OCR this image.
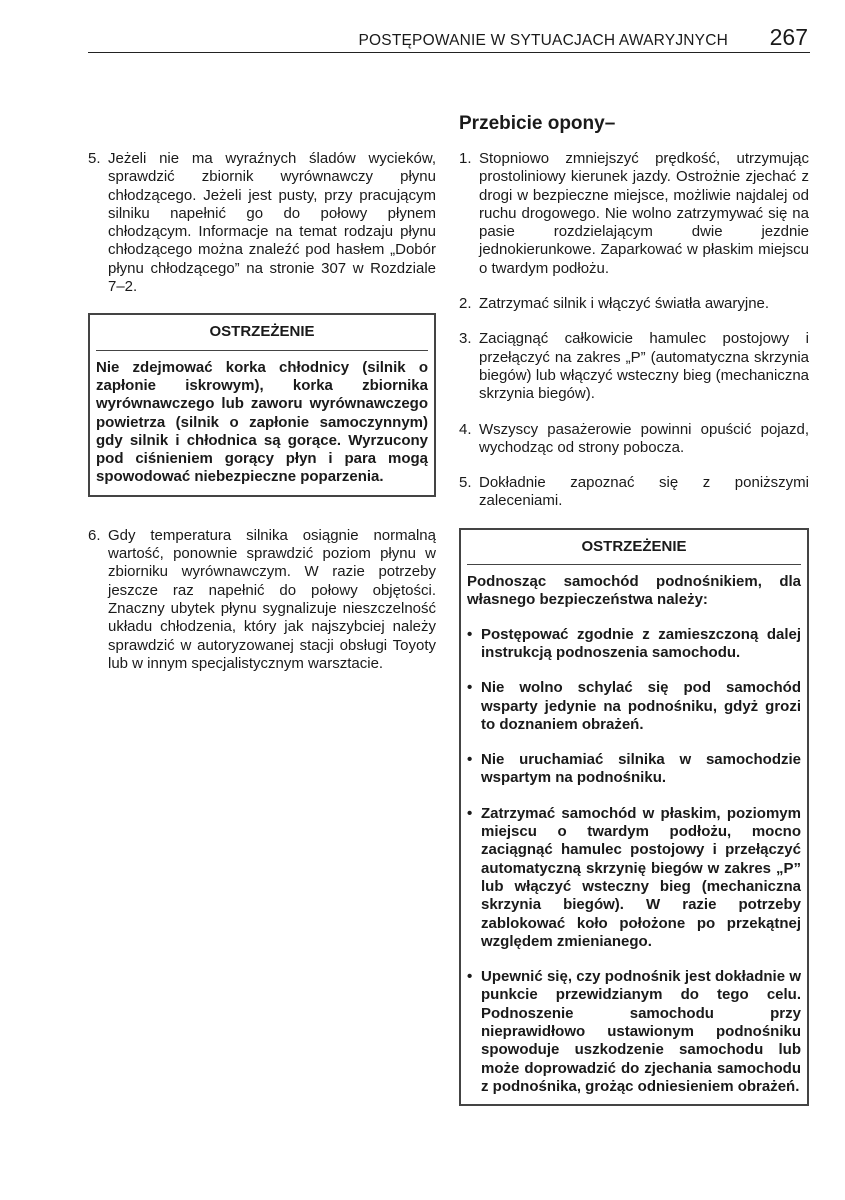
POSTĘPOWANIE W SYTUACJACH AWARYJNYCH 267
5. Jeżeli nie ma wyraźnych śladów wycieków, sprawdzić zbiornik wyrównawczy płynu chłodzącego. Jeżeli jest pusty, przy pracującym silniku napełnić go do połowy płynem chłodzącym. Informacje na temat rodzaju płynu chłodzącego można znaleźć pod hasłem „Dobór płynu chłodzącego” na stronie 307 w Rozdziale 7–2.
OSTRZEŻENIE
Nie zdejmować korka chłodnicy (silnik o zapłonie iskrowym), korka zbiornika wyrównawczego lub zaworu wyrównawczego powietrza (silnik o zapłonie samoczynnym) gdy silnik i chłodnica są gorące. Wyrzucony pod ciśnieniem gorący płyn i para mogą spowodować niebezpieczne poparzenia.
6. Gdy temperatura silnika osiągnie normalną wartość, ponownie sprawdzić poziom płynu w zbiorniku wyrównawczym. W razie potrzeby jeszcze raz napełnić do połowy objętości. Znaczny ubytek płynu sygnalizuje nieszczelność układu chłodzenia, który jak najszybciej należy sprawdzić w autoryzowanej stacji obsługi Toyoty lub w innym specjalistycznym warsztacie.
Przebicie opony–
1. Stopniowo zmniejszyć prędkość, utrzymując prostoliniowy kierunek jazdy. Ostrożnie zjechać z drogi w bezpieczne miejsce, możliwie najdalej od ruchu drogowego. Nie wolno zatrzymywać się na pasie rozdzielającym dwie jezdnie jednokierunkowe. Zaparkować w płaskim miejscu o twardym podłożu.
2. Zatrzymać silnik i włączyć światła awaryjne.
3. Zaciągnąć całkowicie hamulec postojowy i przełączyć na zakres „P” (automatyczna skrzynia biegów) lub włączyć wsteczny bieg (mechaniczna skrzynia biegów).
4. Wszyscy pasażerowie powinni opuścić pojazd, wychodząc od strony pobocza.
5. Dokładnie zapoznać się z poniższymi zaleceniami.
OSTRZEŻENIE
Podnosząc samochód podnośnikiem, dla własnego bezpieczeństwa należy:
• Postępować zgodnie z zamieszczoną dalej instrukcją podnoszenia samochodu.
• Nie wolno schylać się pod samochód wsparty jedynie na podnośniku, gdyż grozi to doznaniem obrażeń.
• Nie uruchamiać silnika w samochodzie wspartym na podnośniku.
• Zatrzymać samochód w płaskim, poziomym miejscu o twardym podłożu, mocno zaciągnąć hamulec postojowy i przełączyć automatyczną skrzynię biegów w zakres „P” lub włączyć wsteczny bieg (mechaniczna skrzynia biegów). W razie potrzeby zablokować koło położone po przekątnej względem zmienianego.
• Upewnić się, czy podnośnik jest dokładnie w punkcie przewidzianym do tego celu. Podnoszenie samochodu przy nieprawidłowo ustawionym podnośniku spowoduje uszkodzenie samochodu lub może doprowadzić do zjechania samochodu z podnośnika, grożąc odniesieniem obrażeń.
